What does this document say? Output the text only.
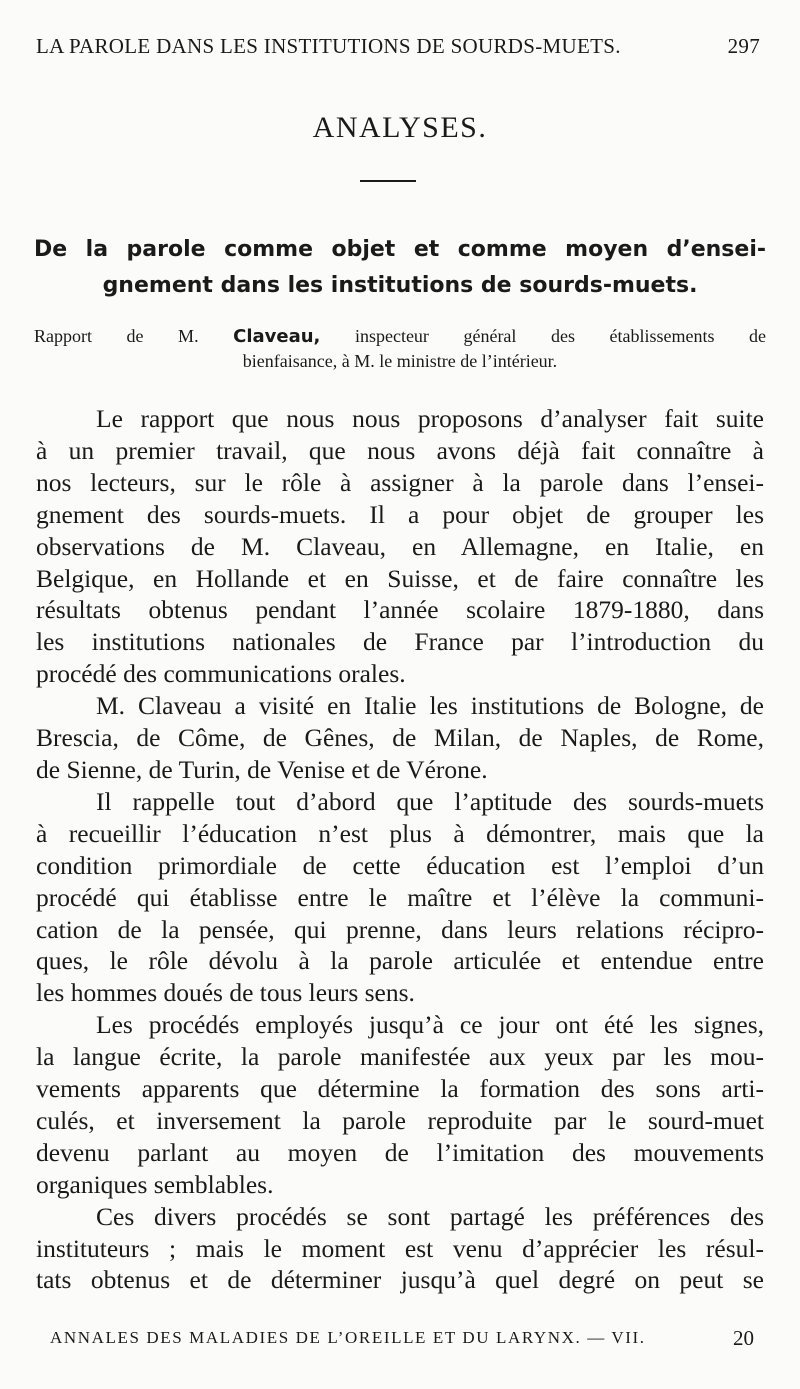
LA PAROLE DANS LES INSTITUTIONS DE SOURDS-MUETS.	297
ANALYSES.
De la parole comme objet et comme moyen d’ensei-
gnement dans les institutions de sourds-muets.
Rapport de M. Claveau, inspecteur général des établissements de
bienfaisance, à M. le ministre de l’intérieur.

Le rapport que nous nous proposons d’analyser fait suite
à un premier travail, que nous avons déjà fait connaître à
nos lecteurs, sur le rôle à assigner à la parole dans l’ensei-
gnement des sourds-muets. Il a pour objet de grouper les
observations de M. Claveau, en Allemagne, en Italie, en
Belgique, en Hollande et en Suisse, et de faire connaître les
résultats obtenus pendant l’année scolaire 1879-1880, dans
les institutions nationales de France par l’introduction du
procédé des communications orales.

M. Claveau a visité en Italie les institutions de Bologne, de
Brescia, de Côme, de Gênes, de Milan, de Naples, de Rome,
de Sienne, de Turin, de Venise et de Vérone.

Il rappelle tout d’abord que l’aptitude des sourds-muets
à recueillir l’éducation n’est plus à démontrer, mais que la
condition primordiale de cette éducation est l’emploi d’un
procédé qui établisse entre le maître et l’élève la communi-
cation de la pensée, qui prenne, dans leurs relations récipro-
ques, le rôle dévolu à la parole articulée et entendue entre
les hommes doués de tous leurs sens.

Les procédés employés jusqu’à ce jour ont été les signes,
la langue écrite, la parole manifestée aux yeux par les mou-
vements apparents que détermine la formation des sons arti-
culés, et inversement la parole reproduite par le sourd-muet
devenu parlant au moyen de l’imitation des mouvements
organiques semblables.

Ces divers procédés se sont partagé les préférences des
instituteurs ; mais le moment est venu d’apprécier les résul-
tats obtenus et de déterminer jusqu’à quel degré on peut se

ANNALES DES MALADIES DE L’OREILLE ET DU LARYNX. — VII.	20
